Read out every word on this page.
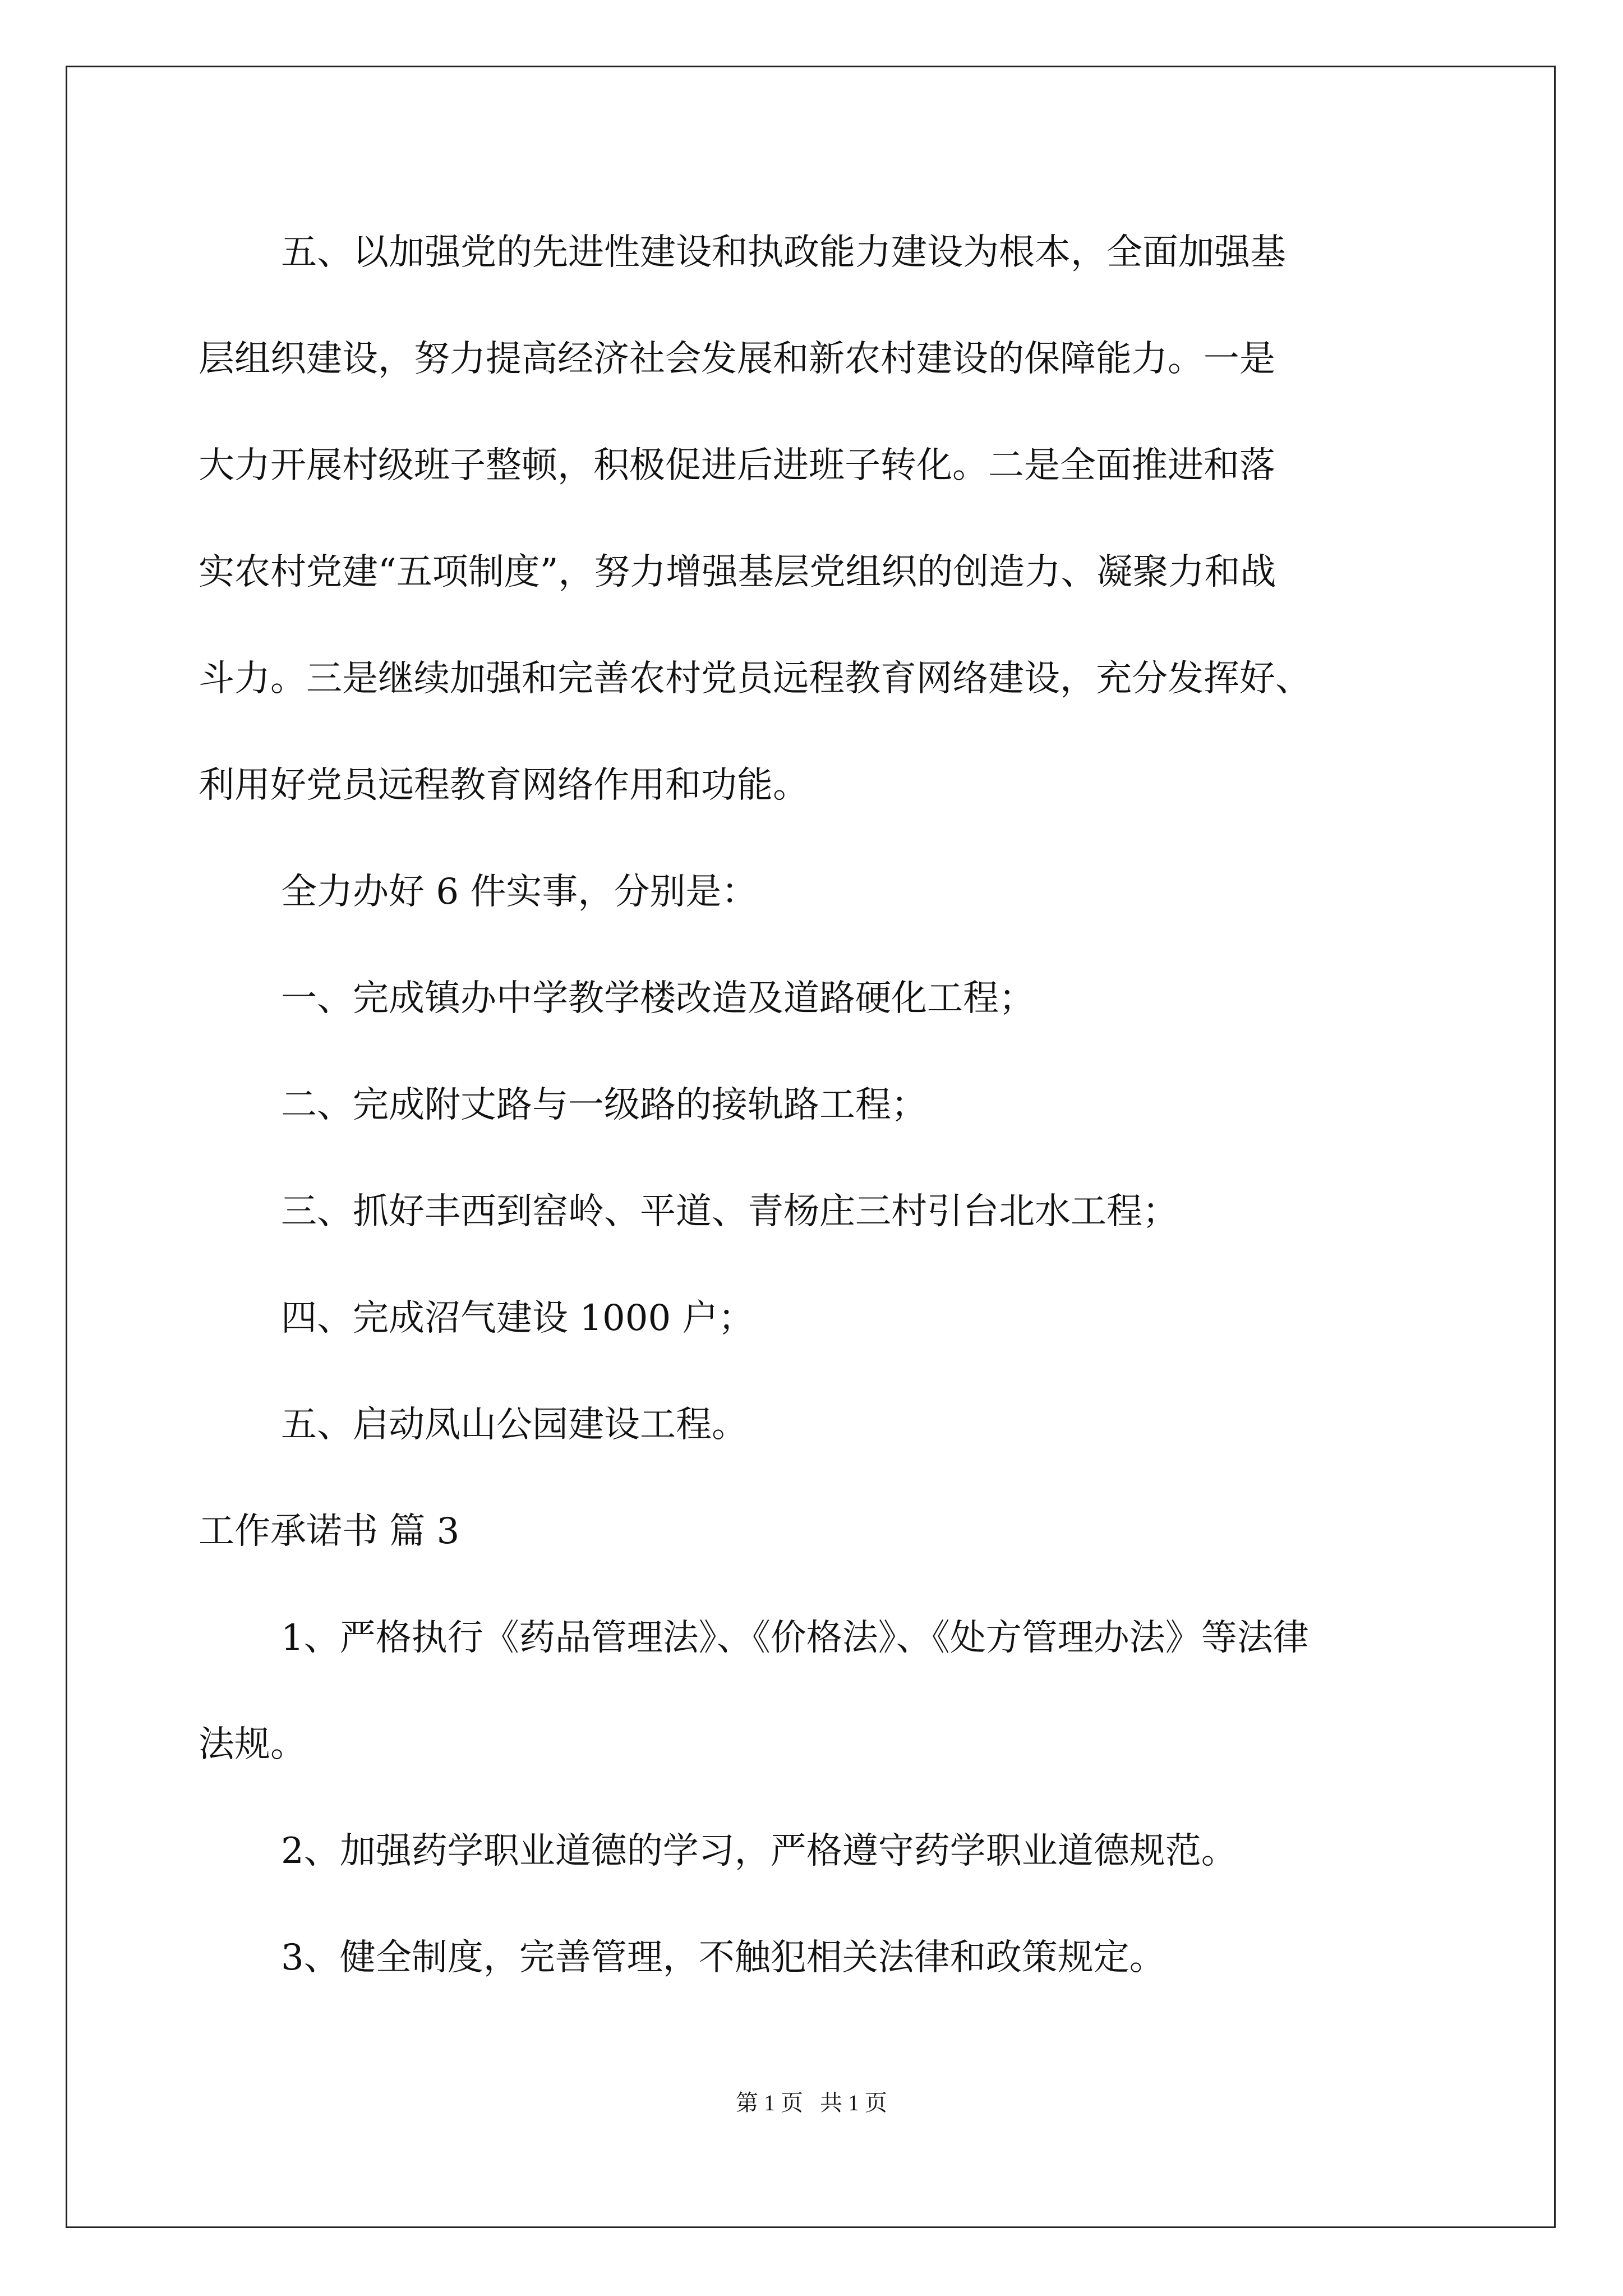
五、以加强党的先进性建设和执政能力建设为根本，全面加强基
层组织建设，努力提高经济社会发展和新农村建设的保障能力。一是
大力开展村级班子整顿，积极促进后进班子转化。二是全面推进和落
实农村党建“五项制度”，努力增强基层党组织的创造力、凝聚力和战
斗力。三是继续加强和完善农村党员远程教育网络建设，充分发挥好、
利用好党员远程教育网络作用和功能。
全力办好 6 件实事，分别是：
一、完成镇办中学教学楼改造及道路硬化工程；
二、完成附丈路与一级路的接轨路工程；
三、抓好丰西到窑岭、平道、青杨庄三村引台北水工程；
四、完成沼气建设 1000 户；
五、启动凤山公园建设工程。
工作承诺书 篇 3
1、严格执行《药品管理法》、《价格法》、《处方管理办法》等法律
法规。
2、加强药学职业道德的学习，严格遵守药学职业道德规范。
3、健全制度，完善管理，不触犯相关法律和政策规定。
第 1 页   共 1 页
